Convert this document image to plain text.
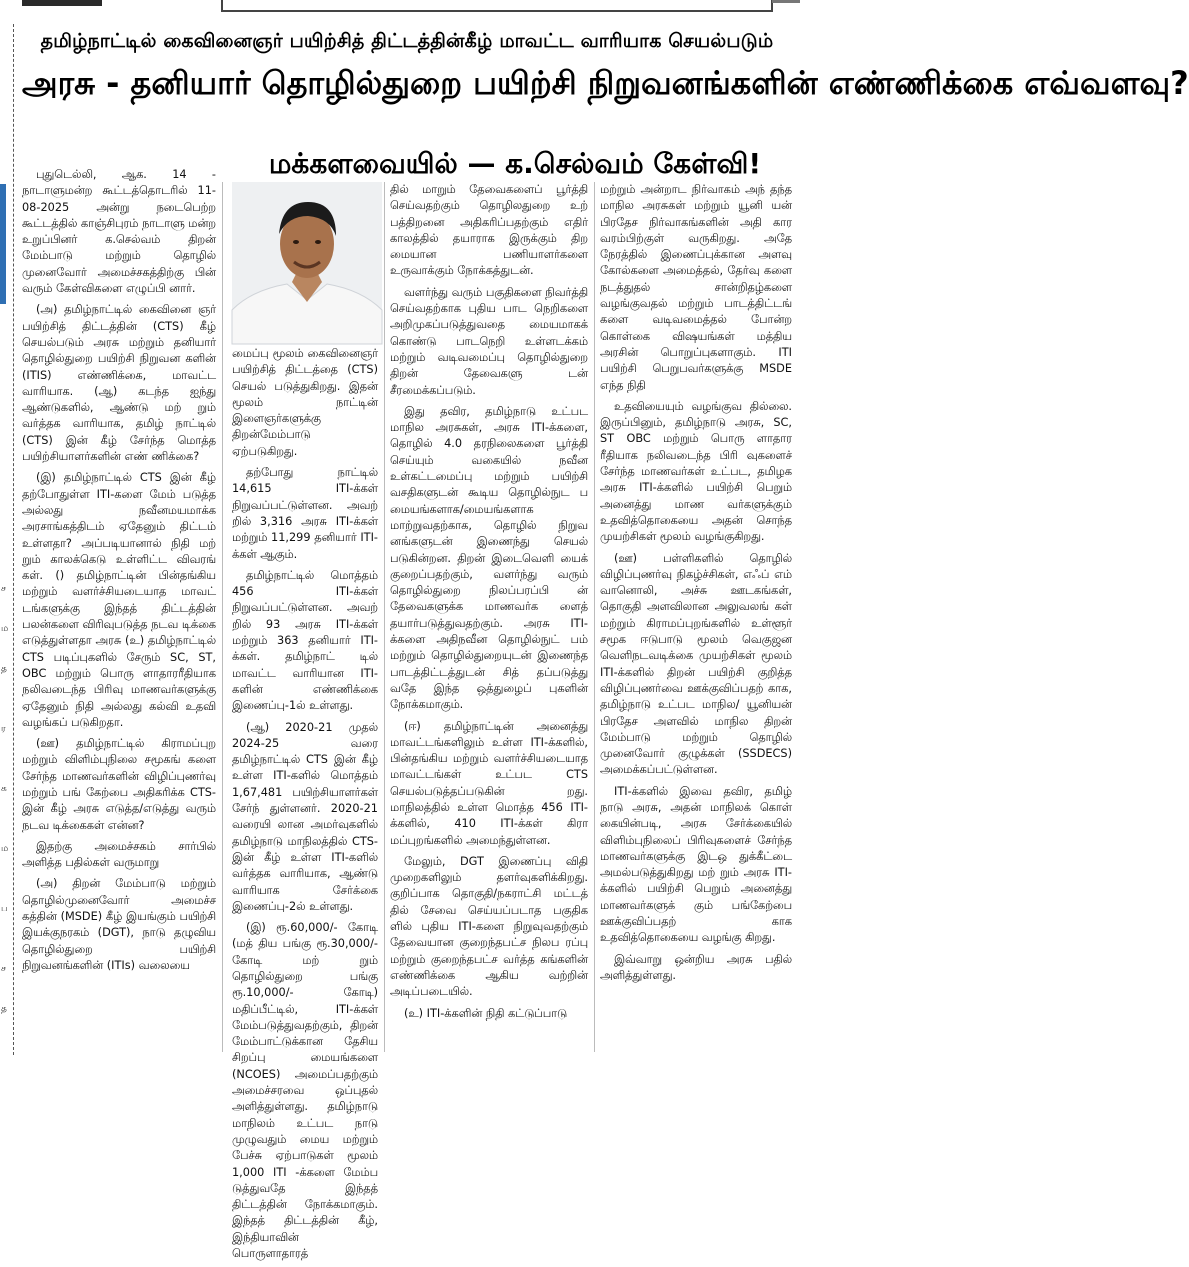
ச
ம
த
ர
க
ம
ப
ச
த
தமிழ்நாட்டில் கைவினைஞர் பயிற்சித் திட்டத்தின்கீழ் மாவட்ட வாரியாக செயல்படும்
அரசு - தனியார் தொழில்துறை பயிற்சி நிறுவனங்களின் எண்ணிக்கை எவ்வளவு?
மக்களவையில் — க.செல்வம் கேள்வி!

புதுடெல்லி, ஆக. 14 - நாடாளுமன்ற கூட்டத்தொடரில் 11-08-2025 அன்று நடைபெற்ற கூட்டத்தில் காஞ்சிபுரம் நாடாளு மன்ற உறுப்பினர் க.செல்வம் திறன் மேம்பாடு மற்றும் தொழில் முனைவோர் அமைச்சகத்திற்கு பின் வரும் கேள்விகளை எழுப்பி னார்.

(அ) தமிழ்நாட்டில் கைவினை ஞர் பயிற்சித் திட்டத்தின் (CTS) கீழ் செயல்படும் அரசு மற்றும் தனியார் தொழில்துறை பயிற்சி நிறுவன களின் (ITIS) எண்ணிக்கை, மாவட்ட வாரியாக. (ஆ) கடந்த ஐந்து ஆண்டுகளில், ஆண்டு மற் றும் வர்த்தக வாரியாக, தமிழ் நாட்டில் (CTS) இன் கீழ் சேர்ந்த மொத்த பயிற்சியாளர்களின் எண் ணிக்கை?

(இ) தமிழ்நாட்டில் CTS இன் கீழ் தற்போதுள்ள ITI-களை மேம் படுத்த அல்லது நவீனமயமாக்க அரசாங்கத்திடம் ஏதேனும் திட்டம் உள்ளதா? அப்படியானால் நிதி மற் றும் காலக்கெடு உள்ளிட்ட விவரங் கள். () தமிழ்நாட்டின் பின்தங்கிய மற்றும் வளர்ச்சியடையாத மாவட் டங்களுக்கு இந்தத் திட்டத்தின் பலன்களை விரிவுபடுத்த நடவ டிக்கை எடுத்துள்ளதா அரசு (உ) தமிழ்நாட்டில் CTS படிப்புகளில் சேரும் SC, ST, OBC மற்றும் பொரு ளாதாரரீதியாக நலிவடைந்த பிரிவு மாணவர்களுக்கு ஏதேனும் நிதி அல்லது கல்வி உதவி வழங்கப் படுகிறதா.

(ஊ) தமிழ்நாட்டில் கிராமப்புற மற்றும் விளிம்புநிலை சமூகங் களை சேர்ந்த மாணவர்களின் விழிப்புணர்வு மற்றும் பங் கேற்பை அதிகரிக்க CTS-இன் கீழ் அரசு எடுத்த/எடுத்து வரும் நடவ டிக்கைகள் என்ன?

இதற்கு அமைச்சகம் சார்பில் அளித்த பதில்கள் வருமாறு

(அ) திறன் மேம்பாடு மற்றும் தொழில்முனைவோர் அமைச்ச கத்தின் (MSDE) கீழ் இயங்கும் பயிற்சி இயக்குநரகம் (DGT), நாடு தழுவிய தொழில்துறை பயிற்சி நிறுவனங்களின் (ITIs) வலையை

மைப்பு மூலம் கைவினைஞர் பயிற்சித் திட்டத்தை (CTS) செயல் படுத்துகிறது. இதன் மூலம் நாட்டின் இளைஞர்களுக்கு திறன்மேம்பாடு ஏற்படுகிறது.

தற்போது நாட்டில் 14,615 ITI-க்கள் நிறுவப்பட்டுள்ளன. அவற் றில் 3,316 அரசு ITI-க்கள் மற்றும் 11,299 தனியார் ITI-க்கள் ஆகும்.

தமிழ்நாட்டில் மொத்தம் 456 ITI-க்கள் நிறுவப்பட்டுள்ளன. அவற் றில் 93 அரசு ITI-க்கள் மற்றும் 363 தனியார் ITI-க்கள். தமிழ்நாட் டில் மாவட்ட வாரியான ITI-களின் எண்ணிக்கை இணைப்பு-1ல் உள்ளது.

(ஆ) 2020-21 முதல் 2024-25 வரை தமிழ்நாட்டில் CTS இன் கீழ் உள்ள ITI-களில் மொத்தம் 1,67,481 பயிற்சியாளர்கள் சேர்ந் துள்ளனர். 2020-21 வரையி லான அமர்வுகளில் தமிழ்நாடு மாநிலத்தில் CTS-இன் கீழ் உள்ள ITI-களில் வர்த்தக வாரியாக, ஆண்டு வாரியாக சேர்க்கை இணைப்பு-2ல் உள்ளது.

(இ) ரூ.60,000/- கோடி (மத் திய பங்கு ரூ.30,000/- கோடி மற் றும் தொழில்துறை பங்கு ரூ.10,000/- கோடி) மதிப்பீட்டில், ITI-க்கள் மேம்படுத்துவதற்கும், திறன் மேம்பாட்டுக்கான தேசிய சிறப்பு மையங்களை (NCOES) அமைப்பதற்கும் அமைச்சரவை ஒப்புதல் அளித்துள்ளது. தமிழ்நாடு மாநிலம் உட்பட நாடு முழுவதும் மைய மற்றும் பேச்சு ஏற்பாடுகள் மூலம் 1,000 ITI -க்களை மேம்ப டுத்துவதே இந்தத் திட்டத்தின் நோக்கமாகும். இந்தத் திட்டத்தின் கீழ், இந்தியாவின் பொருளாதாரத்

தில் மாறும் தேவைகளைப் பூர்த்தி செய்வதற்கும் தொழிலதுறை உற் பத்திறனை அதிகரிப்பதற்கும் எதிர் காலத்தில் தயாராக இருக்கும் திற மையான பணியாளர்களை உருவாக்கும் நோக்கத்துடன்.

வளர்ந்து வரும் பகுதிகளை நிவர்த்தி செய்வதற்காக புதிய பாட நெறிகளை அறிமுகப்படுத்துவதை மையமாகக் கொண்டு பாடநெறி உள்ளடக்கம் மற்றும் வடிவமைப்பு தொழில்துறை திறன் தேவைகளு டன் சீரமைக்கப்படும்.

இது தவிர, தமிழ்நாடு உட்பட மாநில அரசுகள், அரசு ITI-க்களை, தொழில் 4.0 தரநிலைகளை பூர்த்தி செய்யும் வகையில் நவீன உள்கட்டமைப்பு மற்றும் பயிற்சி வசதிகளுடன் கூடிய தொழில்நுட ப மையங்களாக/மையங்களாக மாற்றுவதற்காக, தொழில் நிறுவ னங்களுடன் இணைந்து செயல் படுகின்றன. திறன் இடைவெளி யைக் குறைப்பதற்கும், வளர்ந்து வரும் தொழில்துறை நிலப்பரப்பி ன் தேவைகளுக்க மாணவர்க ளைத் தயார்படுத்துவதற்கும். அரசு ITI-க்களை அதிநவீன தொழில்நுட் பம் மற்றும் தொழில்துறையுடன் இணைந்த பாடத்திட்டத்துடன் சித் தப்படுத்து வதே இந்த ஒத்துழைப் புகளின் நோக்கமாகும்.

(ஈ) தமிழ்நாட்டின் அனைத்து மாவட்டங்களிலும் உள்ள ITI-க்களில், பின்தங்கிய மற்றும் வளர்ச்சியடையாத மாவட்டங்கள் உட்பட CTS செயல்படுத்தப்படுகின் றது. மாநிலத்தில் உள்ள மொத்த 456 ITI-க்களில், 410 ITI-க்கள் கிரா மப்புறங்களில் அமைந்துள்ளன.

மேலும், DGT இணைப்பு விதி முறைகளிலும் தளர்வுகளிக்கிறது. குறிப்பாக தொகுதி/நகராட்சி மட்டத் தில் சேவை செய்யப்படாத பகுதிக ளில் புதிய ITI-களை நிறுவுவதற்கும் தேவையான குறைந்தபட்ச நிலப ரப்பு மற்றும் குறைந்தபட்ச வர்த்த கங்களின் எண்ணிக்கை ஆகிய வற்றின் அடிப்படையில்.

(உ) ITI-க்களின் நிதி கட்டுப்பாடு

மற்றும் அன்றாட நிர்வாகம் அந் தந்த மாநில அரசுகள் மற்றும் யூனி யன் பிரதேச நிர்வாகங்களின் அதி கார வரம்பிற்குள் வருகிறது. அதே நேரத்தில் இணைப்புக்கான அளவு கோல்களை அமைத்தல், தேர்வு களை நடத்துதல் சான்றிதழ்களை வழங்குவதல் மற்றும் பாடத்திட்டங் களை வடிவமைத்தல் போன்ற கொள்கை விஷயங்கள் மத்திய அரசின் பொறுப்புகளாகும். ITI பயிற்சி பெறுபவர்களுக்கு MSDE எந்த நிதி

உதவியையும் வழங்குவ தில்லை. இருப்பினும், தமிழ்நாடு அரசு, SC, ST OBC மற்றும் பொரு ளாதார ரீதியாக நலிவடைந்த பிரி வுகளைச் சேர்ந்த மாணவர்கள் உட்பட, தமிழக அரசு ITI-க்களில் பயிற்சி பெறும் அனைத்து மாண வர்களுக்கும் உதவித்தொகையை அதன் சொந்த முயற்சிகள் மூலம் வழங்குகிறது.

(ஊ) பள்ளிகளில் தொழில் விழிப்புணர்வு நிகழ்ச்சிகள், எஃப் எம் வானொலி, அச்சு ஊடகங்கள், தொகுதி அளவிலான அலுவலங் கள் மற்றும் கிராமப்புறங்களில் உள்ளூர் சமூக ஈடுபாடு மூலம் வெகுஜன வெளிநடவடிக்கை முயற்சிகள் மூலம் ITI-க்களில் திறன் பயிற்சி குறித்த விழிப்புணர்வை ஊக்குவிப்பதற் காக, தமிழ்நாடு உட்பட மாநில/ யூனியன் பிரதேச அளவில் மாநில திறன் மேம்பாடு மற்றும் தொழில் முனைவோர் குழுக்கள் (SSDECS) அமைக்கப்பட்டுள்ளன.

ITI-க்களில் இவை தவிர, தமிழ் நாடு அரசு, அதன் மாநிலக் கொள் கையின்படி, அரசு சேர்க்கையில் விளிம்புநிலைப் பிரிவுகளைச் சேர்ந்த மாணவர்களுக்கு இடஒ துக்கீட்டை அமல்படுத்துகிறது மற் றும் அரசு ITI-க்களில் பயிற்சி பெறும் அனைத்து மாணவர்களுக் கும் பங்கேற்பை ஊக்குவிப்பதற் காக உதவித்தொகையை வழங்கு கிறது.

இவ்வாறு ஒன்றிய அரசு பதில் அளித்துள்ளது.
